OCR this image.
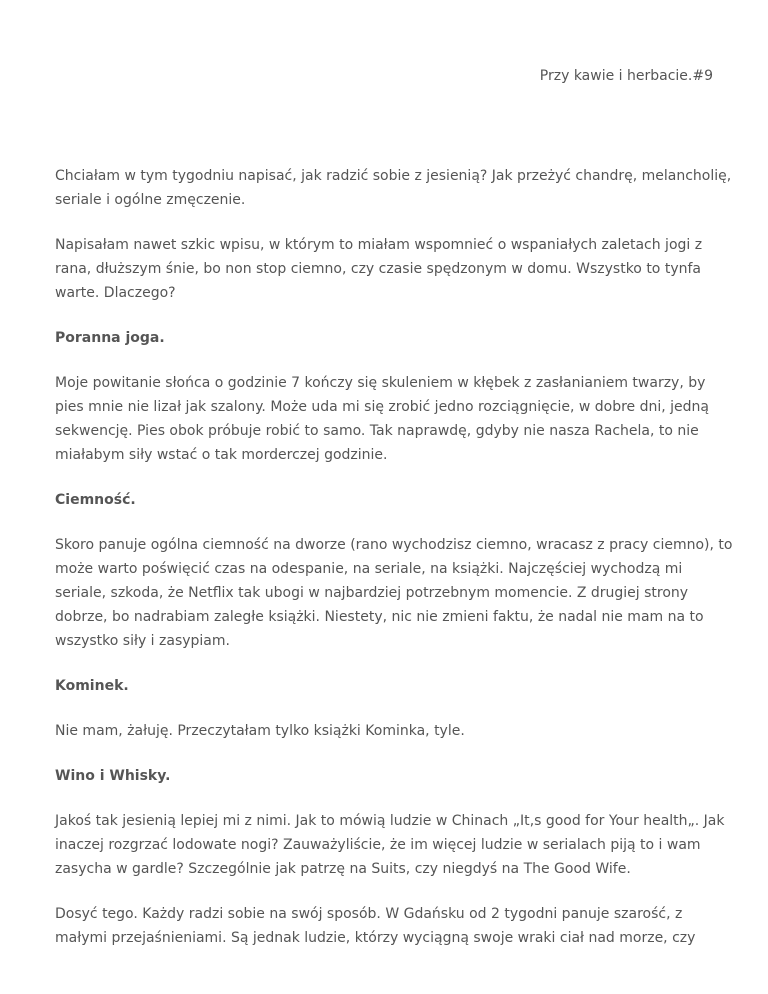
Przy kawie i herbacie.#9

Chciałam w tym tygodniu napisać, jak radzić sobie z jesienią? Jak przeżyć chandrę, melancholię, seriale i ogólne zmęczenie.

Napisałam nawet szkic wpisu, w którym to miałam wspomnieć o wspaniałych zaletach jogi z rana, dłuższym śnie, bo non stop ciemno, czy czasie spędzonym w domu. Wszystko to tynfa warte. Dlaczego?

Poranna joga.

Moje powitanie słońca o godzinie 7 kończy się skuleniem w kłębek z zasłanianiem twarzy, by pies mnie nie lizał jak szalony. Może uda mi się zrobić jedno rozciągnięcie, w dobre dni, jedną sekwencję. Pies obok próbuje robić to samo. Tak naprawdę, gdyby nie nasza Rachela, to nie miałabym siły wstać o tak morderczej godzinie.

Ciemność.

Skoro panuje ogólna ciemność na dworze (rano wychodzisz ciemno, wracasz z pracy ciemno), to może warto poświęcić czas na odespanie, na seriale, na książki. Najczęściej wychodzą mi seriale, szkoda, że Netflix tak ubogi w najbardziej potrzebnym momencie. Z drugiej strony dobrze, bo nadrabiam zaległe książki. Niestety, nic nie zmieni faktu, że nadal nie mam na to wszystko siły i zasypiam.

Kominek.

Nie mam, żałuję. Przeczytałam tylko książki Kominka, tyle.

Wino i Whisky.

Jakoś tak jesienią lepiej mi z nimi. Jak to mówią ludzie w Chinach „It‚s good for Your health„. Jak inaczej rozgrzać lodowate nogi? Zauważyliście, że im więcej ludzie w serialach piją to i wam zasycha w gardle? Szczególnie jak patrzę na Suits, czy niegdyś na The Good Wife.

Dosyć tego. Każdy radzi sobie na swój sposób. W Gdańsku od 2 tygodni panuje szarość, z małymi przejaśnieniami. Są jednak ludzie, którzy wyciągną swoje wraki ciał nad morze, czy
